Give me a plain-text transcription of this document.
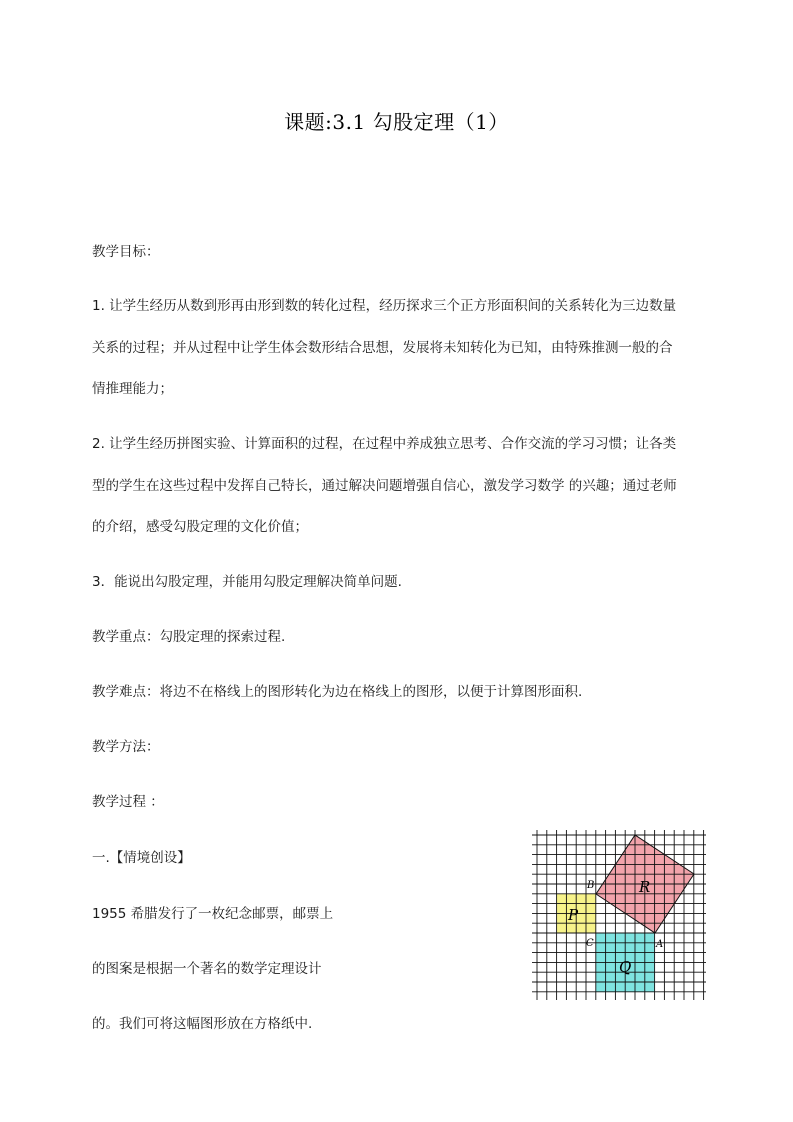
课题:3.1 勾股定理（1）
教学目标：
1. 让学生经历从数到形再由形到数的转化过程，经历探求三个正方形面积间的关系转化为三边数量
关系的过程；并从过程中让学生体会数形结合思想，发展将未知转化为已知，由特殊推测一般的合
情推理能力；
2. 让学生经历拼图实验、计算面积的过程，在过程中养成独立思考、合作交流的学习习惯；让各类
型的学生在这些过程中发挥自己特长，通过解决问题增强自信心，激发学习数学 的兴趣；通过老师
的介绍，感受勾股定理的文化价值；
3．能说出勾股定理，并能用勾股定理解决简单问题.
教学重点：勾股定理的探索过程.
教学难点：将边不在格线上的图形转化为边在格线上的图形，以便于计算图形面积.
教学方法：
教学过程 ：
一.【情境创设】
1955 希腊发行了一枚纪念邮票，邮票上
的图案是根据一个著名的数学定理设计
的。我们可将这幅图形放在方格纸中.
P
Q
R
A
B
C
